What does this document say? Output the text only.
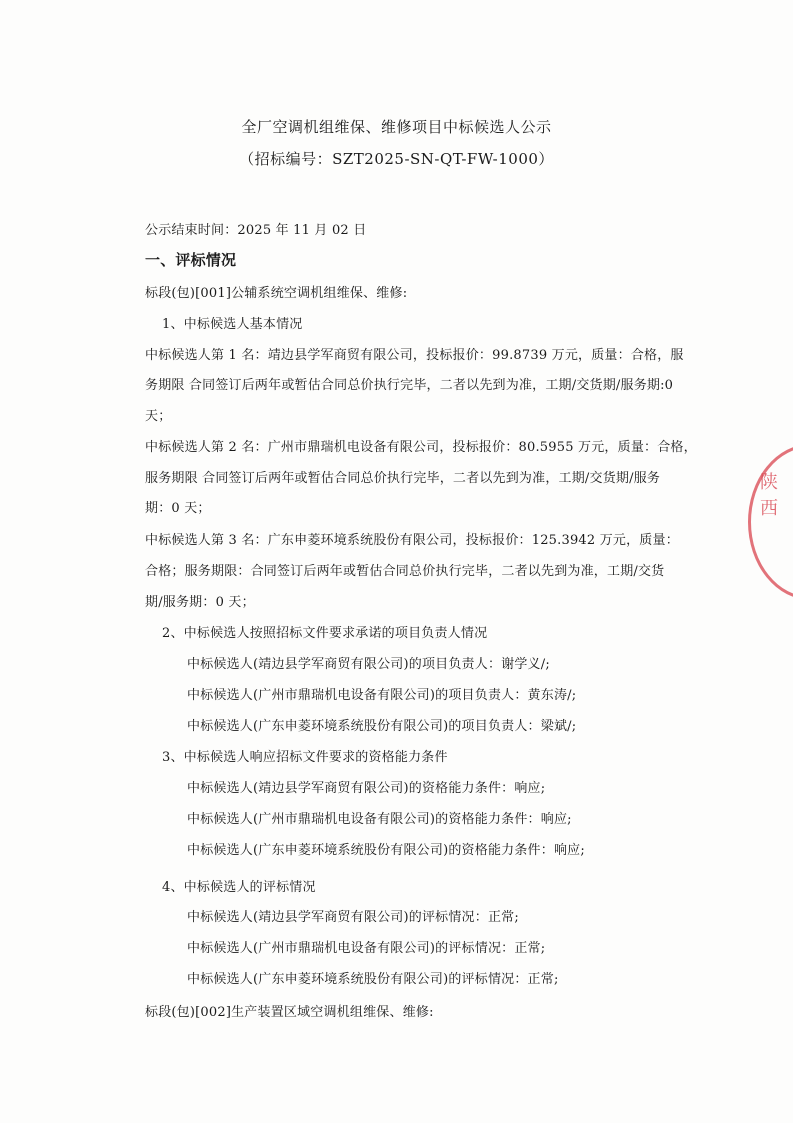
全厂空调机组维保、维修项目中标候选人公示
（招标编号：SZT2025-SN-QT-FW-1000）
公示结束时间：2025 年 11 月 02 日
一、评标情况
标段(包)[001]公辅系统空调机组维保、维修:
1、中标候选人基本情况
中标候选人第 1 名：靖边县学军商贸有限公司，投标报价：99.8739 万元，质量：合格，服
务期限 合同签订后两年或暂估合同总价执行完毕，二者以先到为准，工期/交货期/服务期:0
天；
中标候选人第 2 名：广州市鼎瑞机电设备有限公司，投标报价：80.5955 万元，质量：合格，
服务期限 合同签订后两年或暂估合同总价执行完毕，二者以先到为准，工期/交货期/服务
期：0 天；
中标候选人第 3 名：广东申菱环境系统股份有限公司，投标报价：125.3942 万元，质量：
合格；服务期限：合同签订后两年或暂估合同总价执行完毕，二者以先到为准，工期/交货
期/服务期：0 天；
2、中标候选人按照招标文件要求承诺的项目负责人情况
中标候选人(靖边县学军商贸有限公司)的项目负责人：谢学义/;
中标候选人(广州市鼎瑞机电设备有限公司)的项目负责人：黄东涛/;
中标候选人(广东申菱环境系统股份有限公司)的项目负责人：梁斌/;
3、中标候选人响应招标文件要求的资格能力条件
中标候选人(靖边县学军商贸有限公司)的资格能力条件：响应;
中标候选人(广州市鼎瑞机电设备有限公司)的资格能力条件：响应;
中标候选人(广东申菱环境系统股份有限公司)的资格能力条件：响应;
4、中标候选人的评标情况
中标候选人(靖边县学军商贸有限公司)的评标情况：正常;
中标候选人(广州市鼎瑞机电设备有限公司)的评标情况：正常;
中标候选人(广东申菱环境系统股份有限公司)的评标情况：正常;
标段(包)[002]生产装置区域空调机组维保、维修:
陕西
